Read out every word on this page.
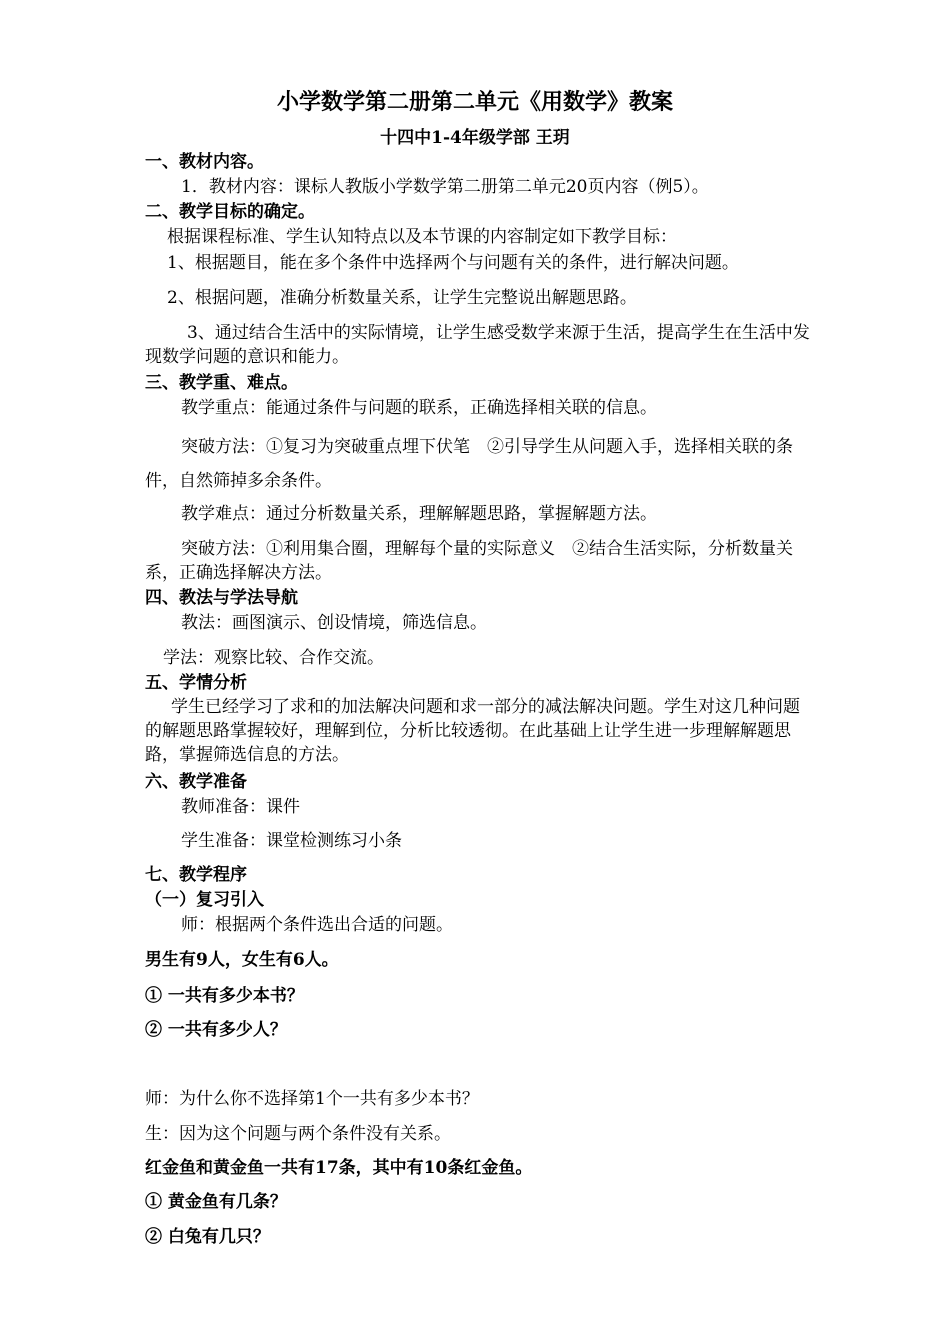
小学数学第二册第二单元《用数学》教案
十四中1-4年级学部 王玥
一、教材内容。
1．教材内容：课标人教版小学数学第二册第二单元20页内容（例5）。
二、教学目标的确定。
根据课程标准、学生认知特点以及本节课的内容制定如下教学目标：
1、根据题目，能在多个条件中选择两个与问题有关的条件，进行解决问题。
2、根据问题，准确分析数量关系，让学生完整说出解题思路。
3、通过结合生活中的实际情境，让学生感受数学来源于生活，提高学生在生活中发现数学问题的意识和能力。
三、教学重、难点。
教学重点：能通过条件与问题的联系，正确选择相关联的信息。
突破方法：①复习为突破重点埋下伏笔　②引导学生从问题入手，选择相关联的条件，自然筛掉多余条件。
教学难点：通过分析数量关系，理解解题思路，掌握解题方法。
突破方法：①利用集合圈，理解每个量的实际意义　②结合生活实际，分析数量关系，正确选择解决方法。
四、教法与学法导航
教法：画图演示、创设情境，筛选信息。
学法：观察比较、合作交流。
五、学情分析
学生已经学习了求和的加法解决问题和求一部分的减法解决问题。学生对这几种问题的解题思路掌握较好，理解到位，分析比较透彻。在此基础上让学生进一步理解解题思路，掌握筛选信息的方法。
六、教学准备
教师准备：课件
学生准备：课堂检测练习小条
七、教学程序
（一）复习引入
师：根据两个条件选出合适的问题。
男生有9人，女生有6人。
① 一共有多少本书？
② 一共有多少人？
师：为什么你不选择第1个一共有多少本书？
生：因为这个问题与两个条件没有关系。
红金鱼和黄金鱼一共有17条，其中有10条红金鱼。
① 黄金鱼有几条？
② 白兔有几只？
